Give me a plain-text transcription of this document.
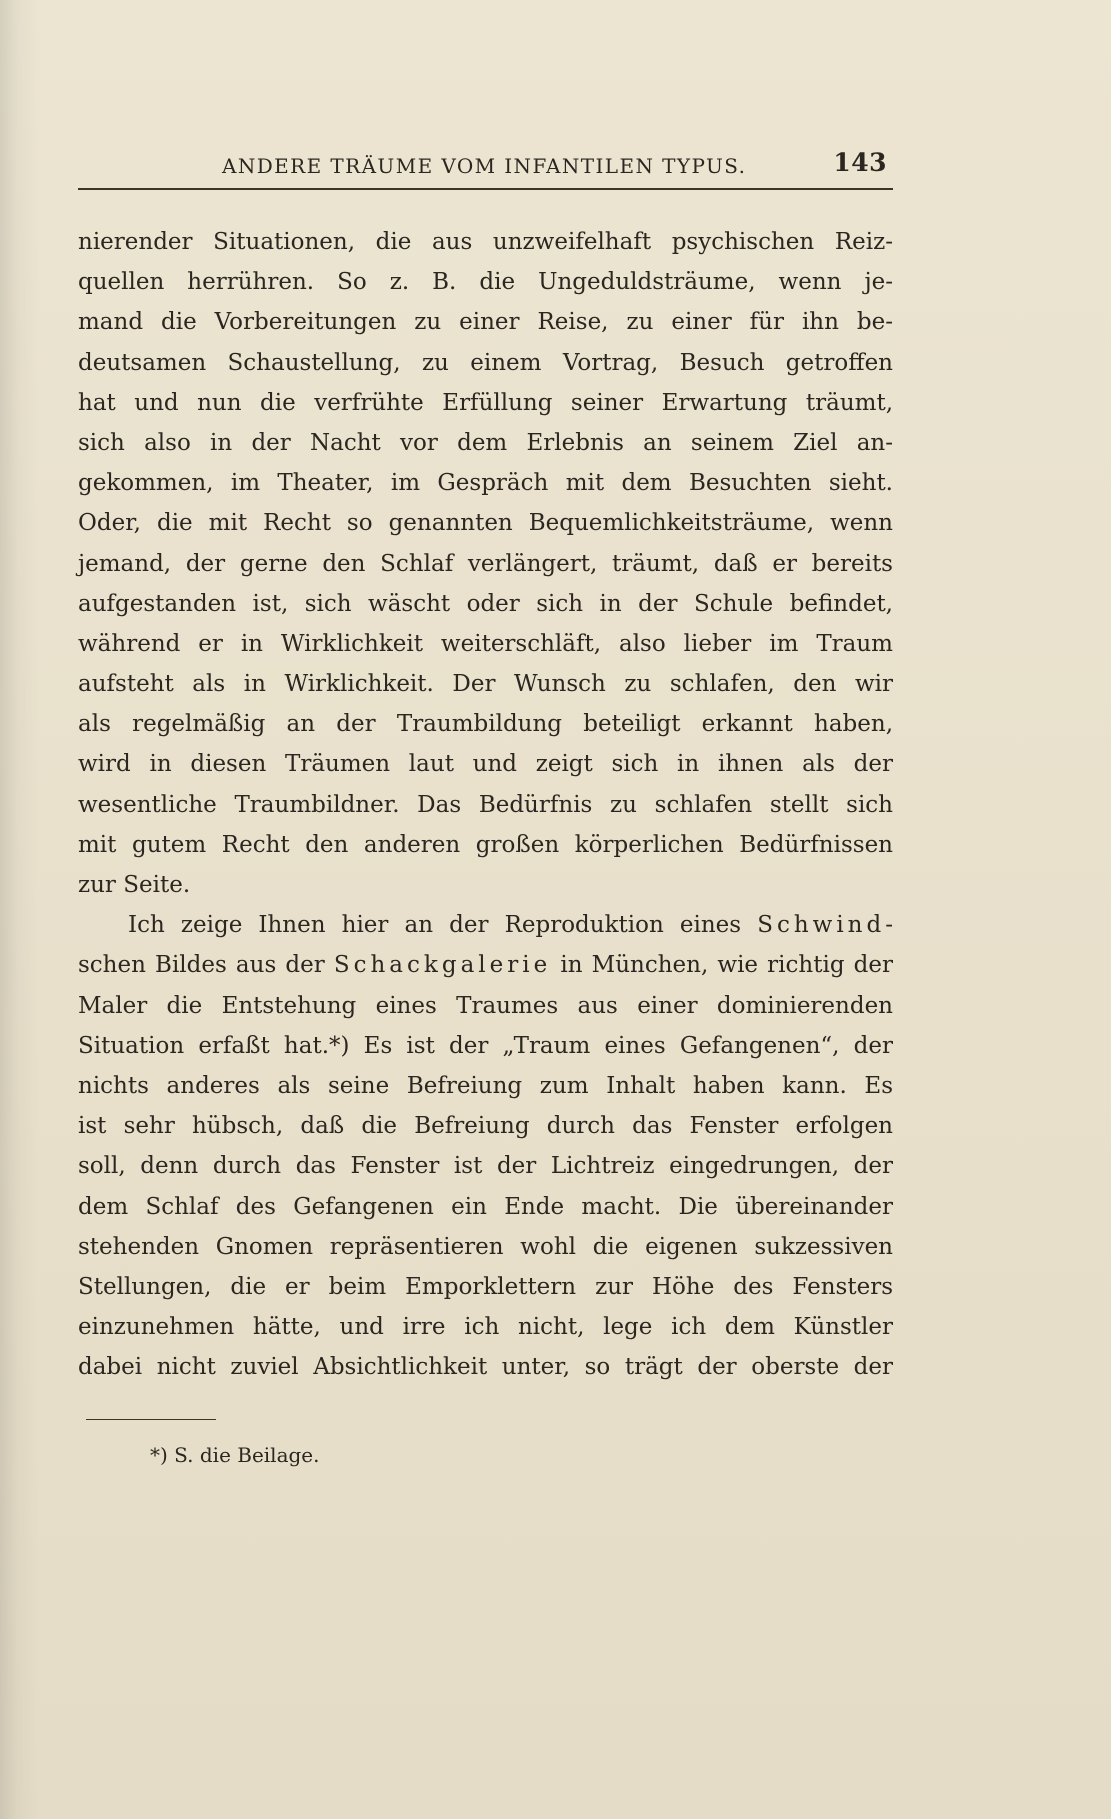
ANDERE TRÄUME VOM INFANTILEN TYPUS.	143
nierender Situationen, die aus unzweifelhaft psychischen Reiz-
quellen herrühren. So z. B. die Ungeduldsträume, wenn je-
mand die Vorbereitungen zu einer Reise, zu einer für ihn be-
deutsamen Schaustellung, zu einem Vortrag, Besuch getroffen
hat und nun die verfrühte Erfüllung seiner Erwartung träumt,
sich also in der Nacht vor dem Erlebnis an seinem Ziel an-
gekommen, im Theater, im Gespräch mit dem Besuchten sieht.
Oder, die mit Recht so genannten Bequemlichkeitsträume, wenn
jemand, der gerne den Schlaf verlängert, träumt, daß er bereits
aufgestanden ist, sich wäscht oder sich in der Schule befindet,
während er in Wirklichkeit weiterschläft, also lieber im Traum
aufsteht als in Wirklichkeit. Der Wunsch zu schlafen, den wir
als regelmäßig an der Traumbildung beteiligt erkannt haben,
wird in diesen Träumen laut und zeigt sich in ihnen als der
wesentliche Traumbildner. Das Bedürfnis zu schlafen stellt sich
mit gutem Recht den anderen großen körperlichen Bedürfnissen
zur Seite.
Ich zeige Ihnen hier an der Reproduktion eines Schwind-
schen Bildes aus der Schackgalerie in München, wie richtig der
Maler die Entstehung eines Traumes aus einer dominierenden
Situation erfaßt hat.*) Es ist der „Traum eines Gefangenen“, der
nichts anderes als seine Befreiung zum Inhalt haben kann. Es
ist sehr hübsch, daß die Befreiung durch das Fenster erfolgen
soll, denn durch das Fenster ist der Lichtreiz eingedrungen, der
dem Schlaf des Gefangenen ein Ende macht. Die übereinander
stehenden Gnomen repräsentieren wohl die eigenen sukzessiven
Stellungen, die er beim Emporklettern zur Höhe des Fensters
einzunehmen hätte, und irre ich nicht, lege ich dem Künstler
dabei nicht zuviel Absichtlichkeit unter, so trägt der oberste der
*) S. die Beilage.
